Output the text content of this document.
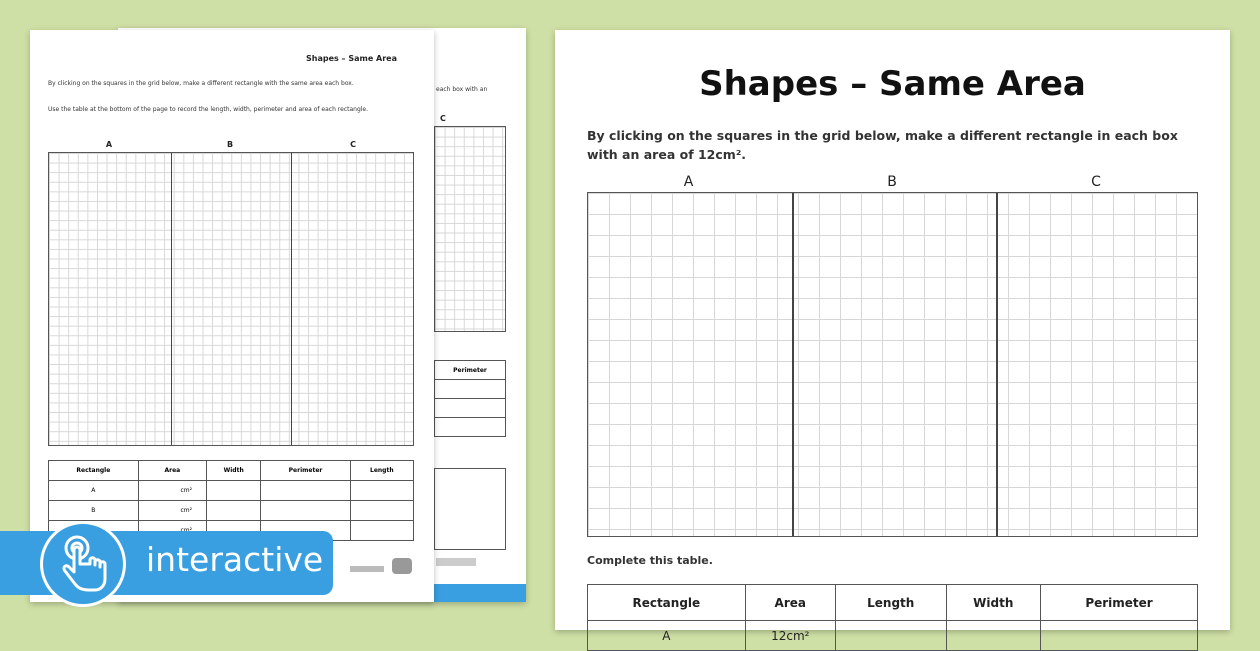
each box with an
C
Perimeter

Shapes – Same Area
By clicking on the squares in the grid below, make a different rectangle with the same area each box.
Use the table at the bottom of the page to record the length, width, perimeter and area of each rectangle.
A	B	C
Rectangle	Area	Width	Perimeter	Length
A	cm²			
B	cm²			

interactive
Shapes – Same Area
By clicking on the squares in the grid below, make a different rectangle in each box with an area of 12cm².
A	B	C
Complete this table.
Rectangle	Area	Length	Width	Perimeter
A	12cm²			
